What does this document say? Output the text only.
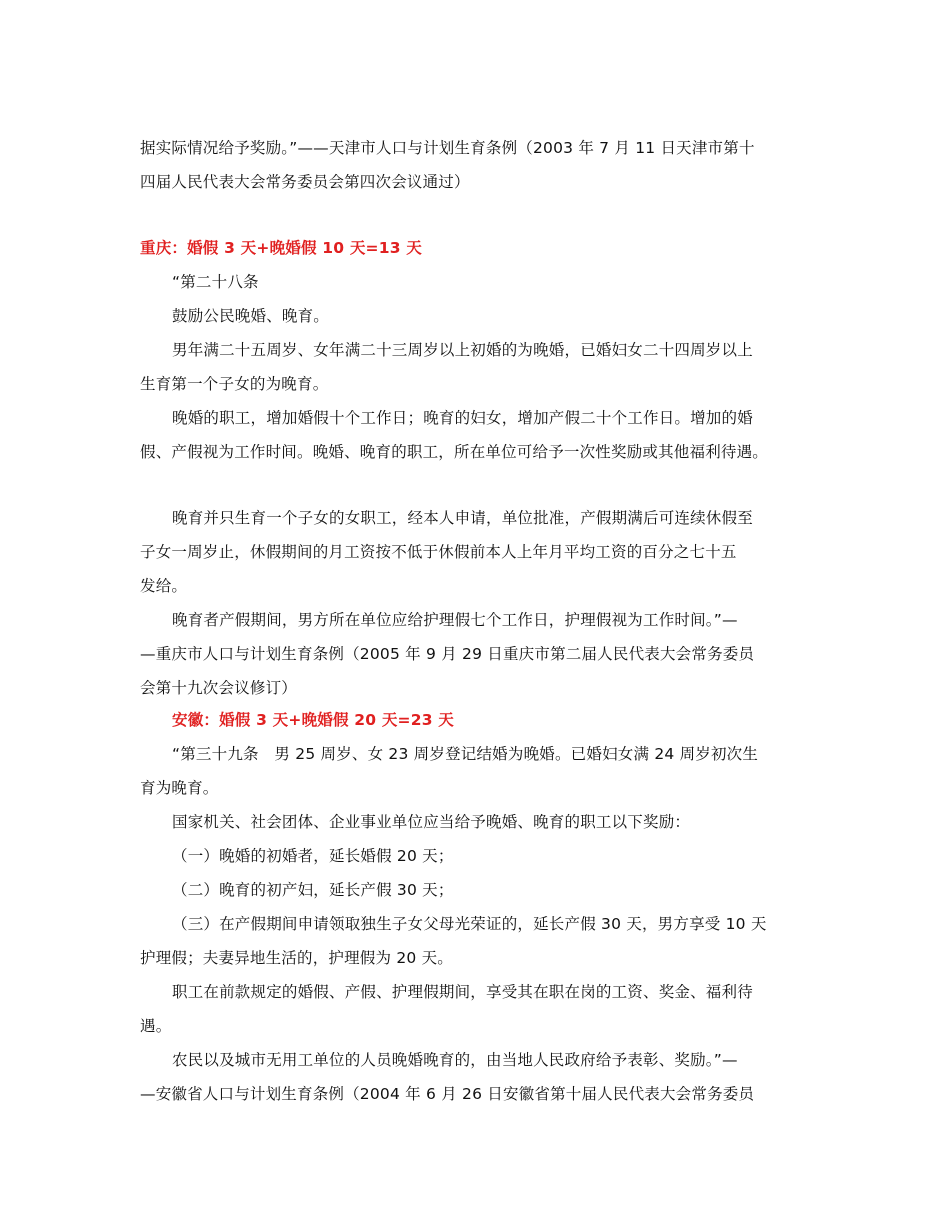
据实际情况给予奖励。”——天津市人口与计划生育条例（2003 年 7 月 11 日天津市第十
四届人民代表大会常务委员会第四次会议通过）
重庆：婚假 3 天+晚婚假 10 天=13 天
“第二十八条
鼓励公民晚婚、晚育。
男年满二十五周岁、女年满二十三周岁以上初婚的为晚婚，已婚妇女二十四周岁以上
生育第一个子女的为晚育。
晚婚的职工，增加婚假十个工作日；晚育的妇女，增加产假二十个工作日。增加的婚
假、产假视为工作时间。晚婚、晚育的职工，所在单位可给予一次性奖励或其他福利待遇。
晚育并只生育一个子女的女职工，经本人申请，单位批准，产假期满后可连续休假至
子女一周岁止，休假期间的月工资按不低于休假前本人上年月平均工资的百分之七十五
发给。
晚育者产假期间，男方所在单位应给护理假七个工作日，护理假视为工作时间。”—
—重庆市人口与计划生育条例（2005 年 9 月 29 日重庆市第二届人民代表大会常务委员
会第十九次会议修订）
安徽：婚假 3 天+晚婚假 20 天=23 天
“第三十九条　男 25 周岁、女 23 周岁登记结婚为晚婚。已婚妇女满 24 周岁初次生
育为晚育。
国家机关、社会团体、企业事业单位应当给予晚婚、晚育的职工以下奖励：
（一）晚婚的初婚者，延长婚假 20 天；
（二）晚育的初产妇，延长产假 30 天；
（三）在产假期间申请领取独生子女父母光荣证的，延长产假 30 天，男方享受 10 天
护理假；夫妻异地生活的，护理假为 20 天。
职工在前款规定的婚假、产假、护理假期间，享受其在职在岗的工资、奖金、福利待
遇。
农民以及城市无用工单位的人员晚婚晚育的，由当地人民政府给予表彰、奖励。”—
—安徽省人口与计划生育条例（2004 年 6 月 26 日安徽省第十届人民代表大会常务委员
